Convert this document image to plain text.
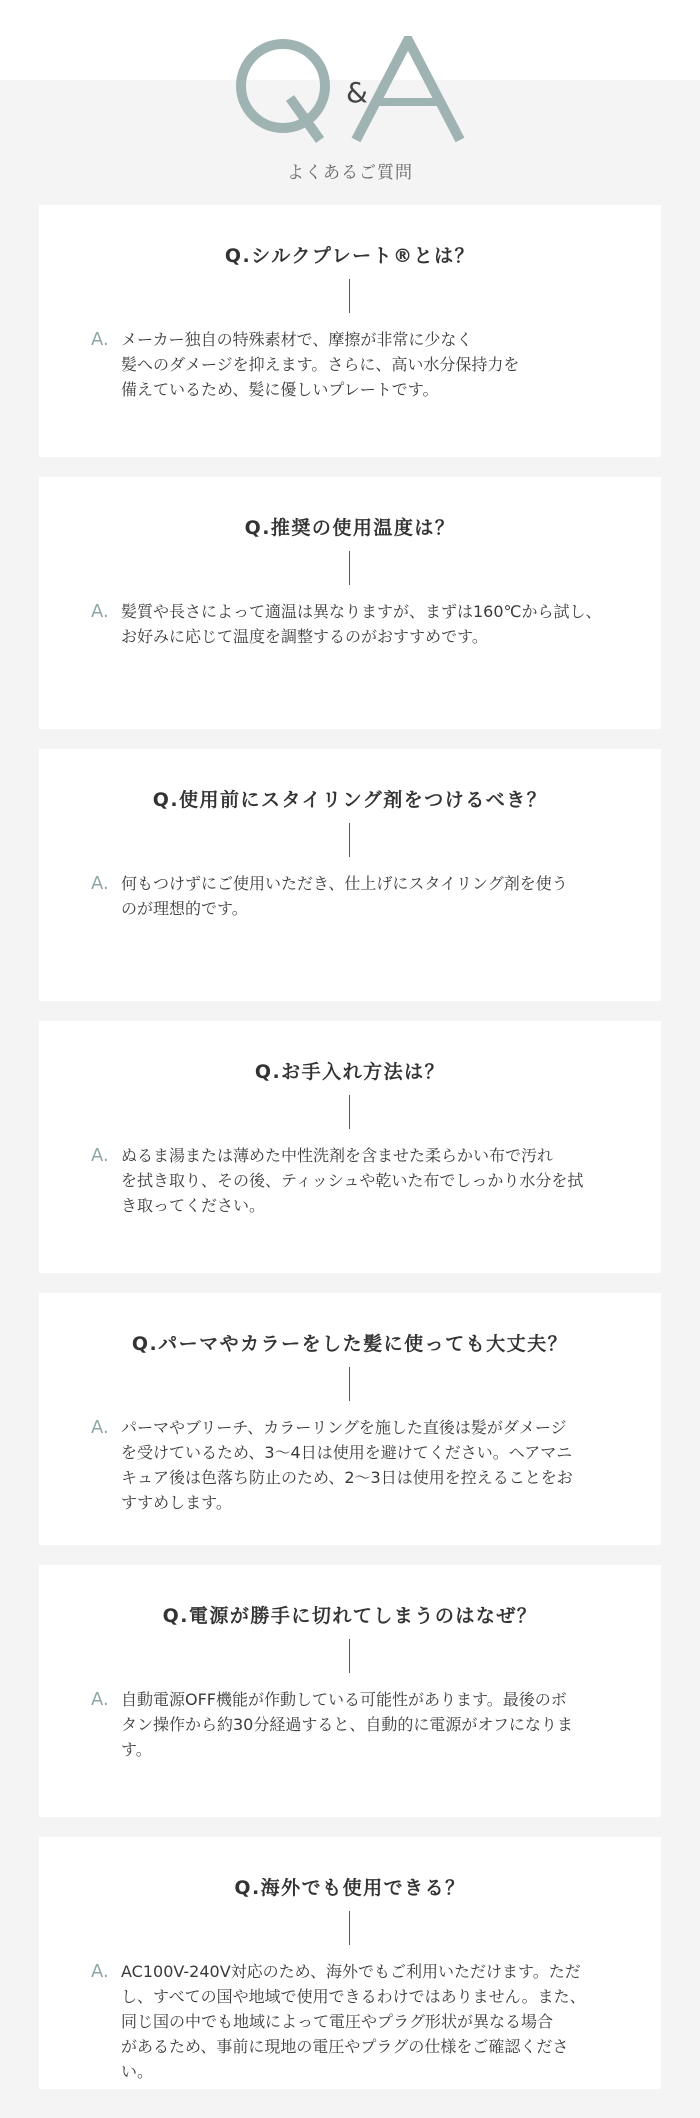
&
よくあるご質問
Q.シルクプレート®とは？
A. メーカー独自の特殊素材で、摩擦が非常に少なく
髪へのダメージを抑えます。さらに、高い水分保持力を
備えているため、髪に優しいプレートです。
Q.推奨の使用温度は？
A. 髪質や長さによって適温は異なりますが、まずは160℃から試し、
お好みに応じて温度を調整するのがおすすめです。
Q.使用前にスタイリング剤をつけるべき？
A. 何もつけずにご使用いただき、仕上げにスタイリング剤を使う
のが理想的です。
Q.お手入れ方法は？
A. ぬるま湯または薄めた中性洗剤を含ませた柔らかい布で汚れ
を拭き取り、その後、ティッシュや乾いた布でしっかり水分を拭
き取ってください。
Q.パーマやカラーをした髪に使っても大丈夫？
A. パーマやブリーチ、カラーリングを施した直後は髪がダメージ
を受けているため、3〜4日は使用を避けてください。ヘアマニ
キュア後は色落ち防止のため、2〜3日は使用を控えることをお
すすめします。
Q.電源が勝手に切れてしまうのはなぜ？
A. 自動電源OFF機能が作動している可能性があります。最後のボ
タン操作から約30分経過すると、自動的に電源がオフになりま
す。
Q.海外でも使用できる？
A. AC100V-240V対応のため、海外でもご利用いただけます。ただ
し、すべての国や地域で使用できるわけではありません。また、
同じ国の中でも地域によって電圧やプラグ形状が異なる場合
があるため、事前に現地の電圧やプラグの仕様をご確認くださ
い。
